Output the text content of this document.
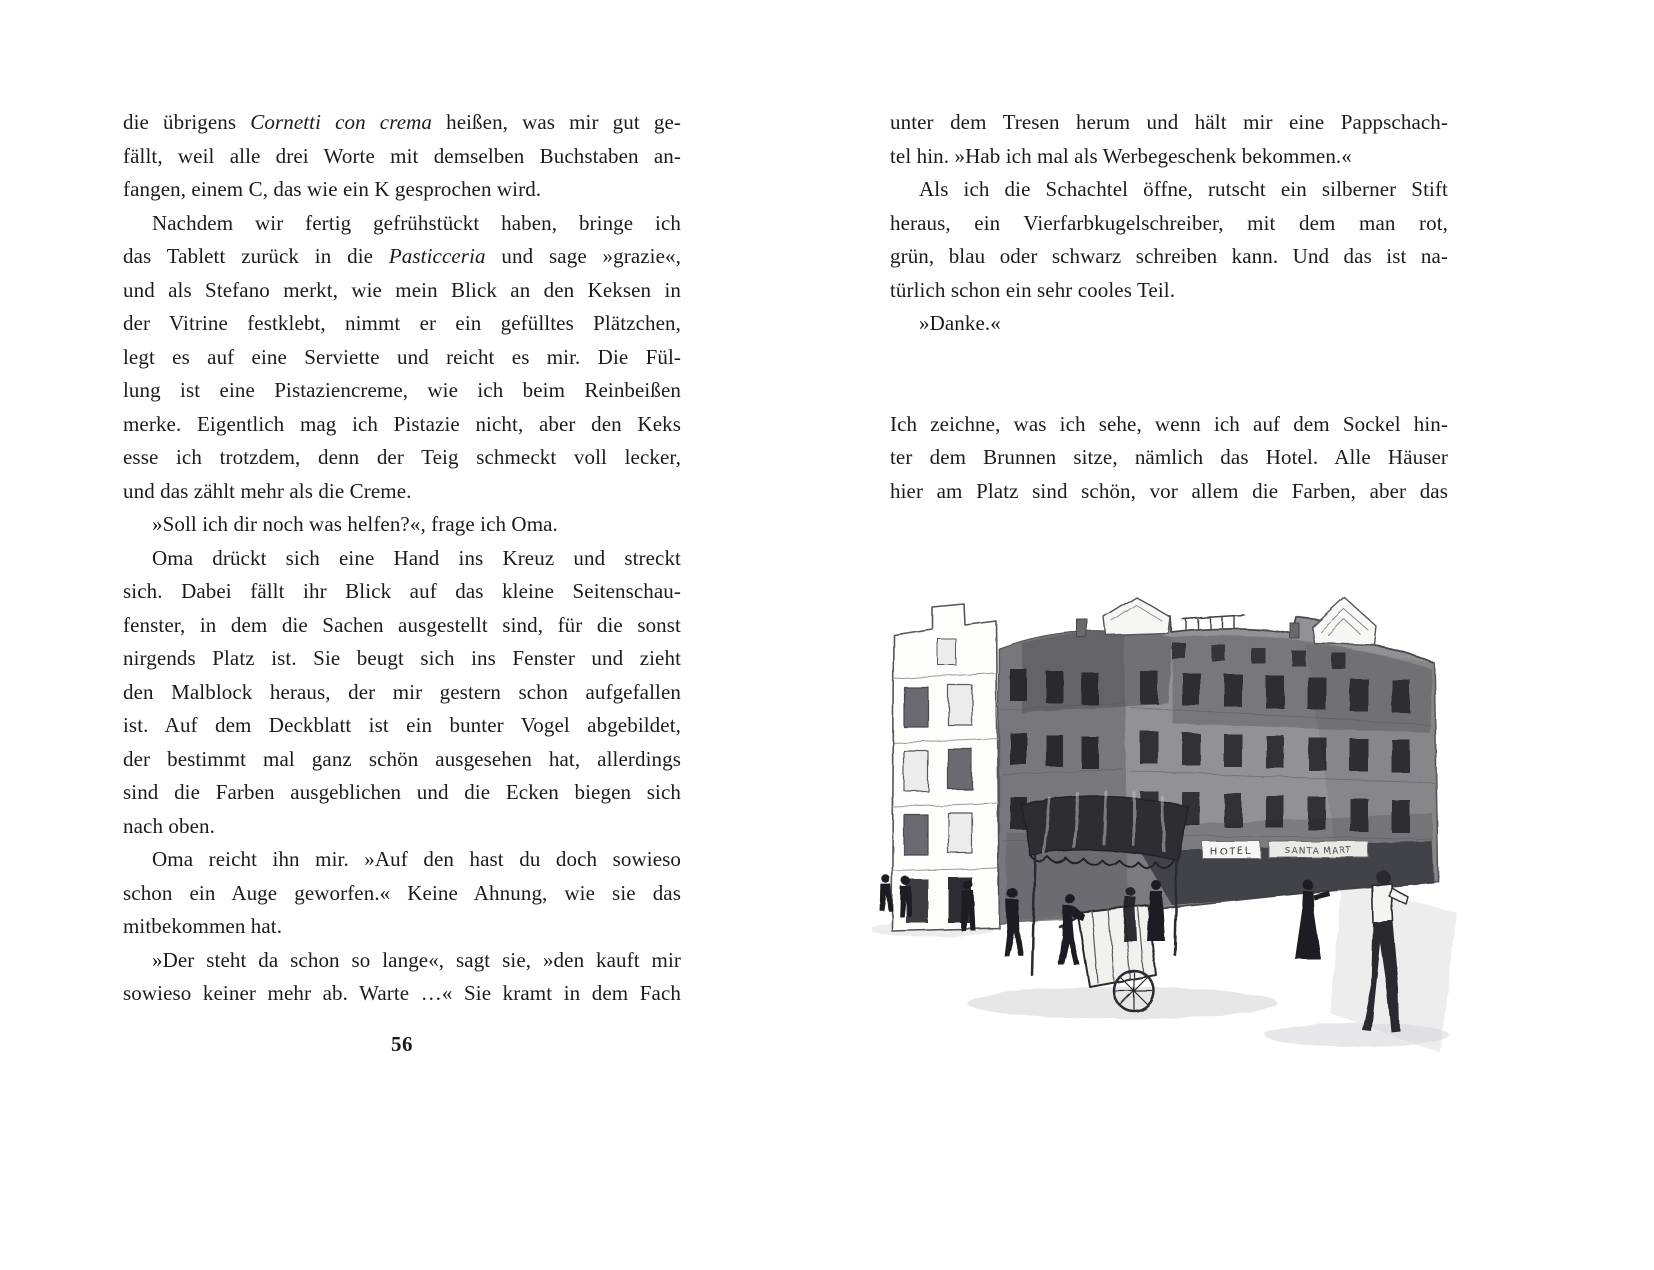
die übrigens Cornetti con crema heißen, was mir gut ge-
fällt, weil alle drei Worte mit demselben Buchstaben an-
fangen, einem C, das wie ein K gesprochen wird.
Nachdem wir fertig gefrühstückt haben, bringe ich
das Tablett zurück in die Pasticceria und sage »grazie«,
und als Stefano merkt, wie mein Blick an den Keksen in
der Vitrine festklebt, nimmt er ein gefülltes Plätzchen,
legt es auf eine Serviette und reicht es mir. Die Fül-
lung ist eine Pistaziencreme, wie ich beim Reinbeißen
merke. Eigentlich mag ich Pistazie nicht, aber den Keks
esse ich trotzdem, denn der Teig schmeckt voll lecker,
und das zählt mehr als die Creme.
»Soll ich dir noch was helfen?«, frage ich Oma.
Oma drückt sich eine Hand ins Kreuz und streckt
sich. Dabei fällt ihr Blick auf das kleine Seitenschau-
fenster, in dem die Sachen ausgestellt sind, für die sonst
nirgends Platz ist. Sie beugt sich ins Fenster und zieht
den Malblock heraus, der mir gestern schon aufgefallen
ist. Auf dem Deckblatt ist ein bunter Vogel abgebildet,
der bestimmt mal ganz schön ausgesehen hat, allerdings
sind die Farben ausgeblichen und die Ecken biegen sich
nach oben.
Oma reicht ihn mir. »Auf den hast du doch sowieso
schon ein Auge geworfen.« Keine Ahnung, wie sie das
mitbekommen hat.
»Der steht da schon so lange«, sagt sie, »den kauft mir
sowieso keiner mehr ab. Warte …« Sie kramt in dem Fach
56
unter dem Tresen herum und hält mir eine Pappschach-
tel hin. »Hab ich mal als Werbegeschenk bekommen.«
Als ich die Schachtel öffne, rutscht ein silberner Stift
heraus, ein Vierfarbkugelschreiber, mit dem man rot,
grün, blau oder schwarz schreiben kann. Und das ist na-
türlich schon ein sehr cooles Teil.
»Danke.«
Ich zeichne, was ich sehe, wenn ich auf dem Sockel hin-
ter dem Brunnen sitze, nämlich das Hotel. Alle Häuser
hier am Platz sind schön, vor allem die Farben, aber das
HOTEL	SANTA MART
